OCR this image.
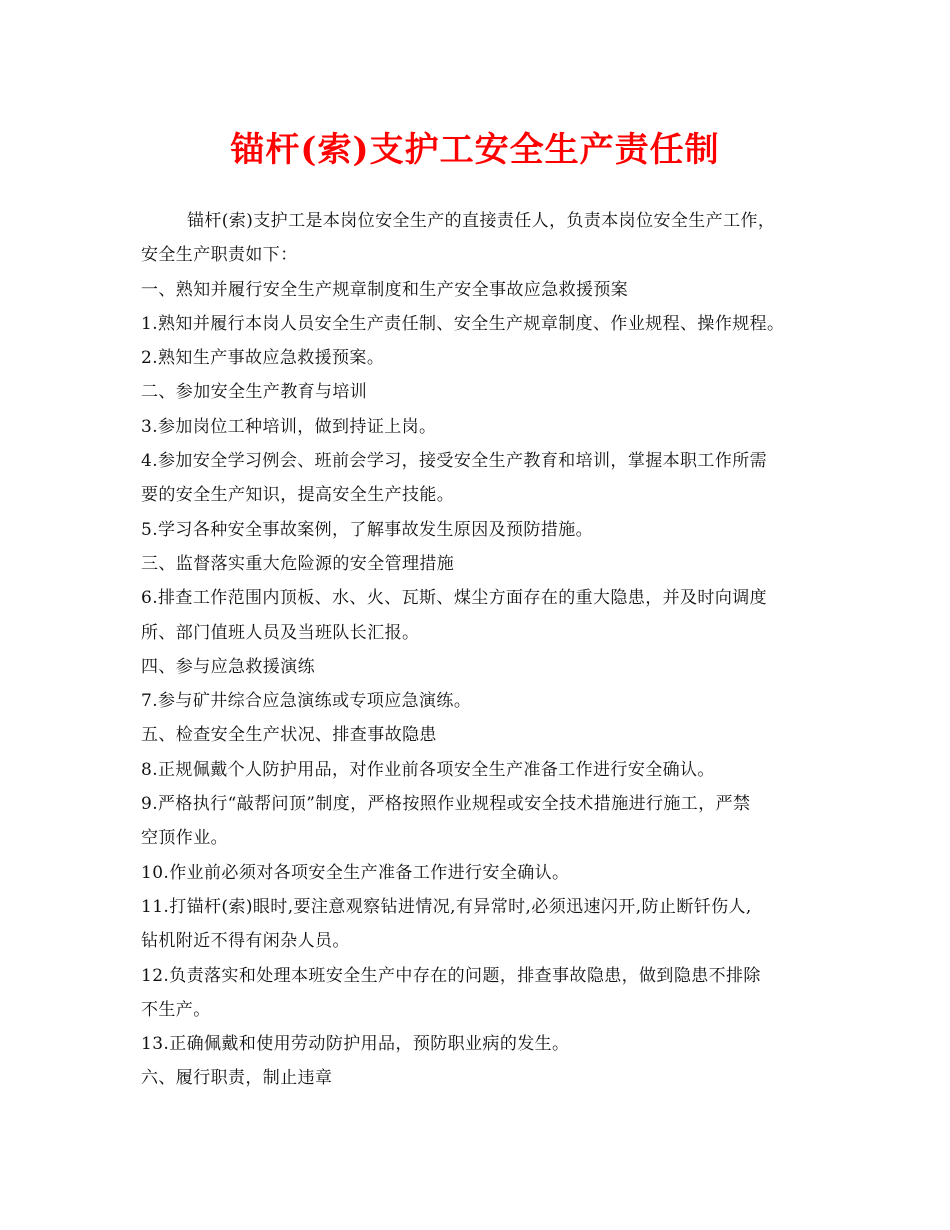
锚杆(索)支护工安全生产责任制
锚杆(索)支护工是本岗位安全生产的直接责任人，负责本岗位安全生产工作，
安全生产职责如下：
一、熟知并履行安全生产规章制度和生产安全事故应急救援预案
1.熟知并履行本岗人员安全生产责任制、安全生产规章制度、作业规程、操作规程。
2.熟知生产事故应急救援预案。
二、参加安全生产教育与培训
3.参加岗位工种培训，做到持证上岗。
4.参加安全学习例会、班前会学习，接受安全生产教育和培训，掌握本职工作所需
要的安全生产知识，提高安全生产技能。
5.学习各种安全事故案例，了解事故发生原因及预防措施。
三、监督落实重大危险源的安全管理措施
6.排查工作范围内顶板、水、火、瓦斯、煤尘方面存在的重大隐患，并及时向调度
所、部门值班人员及当班队长汇报。
四、参与应急救援演练
7.参与矿井综合应急演练或专项应急演练。
五、检查安全生产状况、排查事故隐患
8.正规佩戴个人防护用品，对作业前各项安全生产准备工作进行安全确认。
9.严格执行“敲帮问顶”制度，严格按照作业规程或安全技术措施进行施工，严禁
空顶作业。
10.作业前必须对各项安全生产准备工作进行安全确认。
11.打锚杆(索)眼时,要注意观察钻进情况,有异常时,必须迅速闪开,防止断钎伤人,
钻机附近不得有闲杂人员。
12.负责落实和处理本班安全生产中存在的问题，排查事故隐患，做到隐患不排除
不生产。
13.正确佩戴和使用劳动防护用品，预防职业病的发生。
六、履行职责，制止违章
